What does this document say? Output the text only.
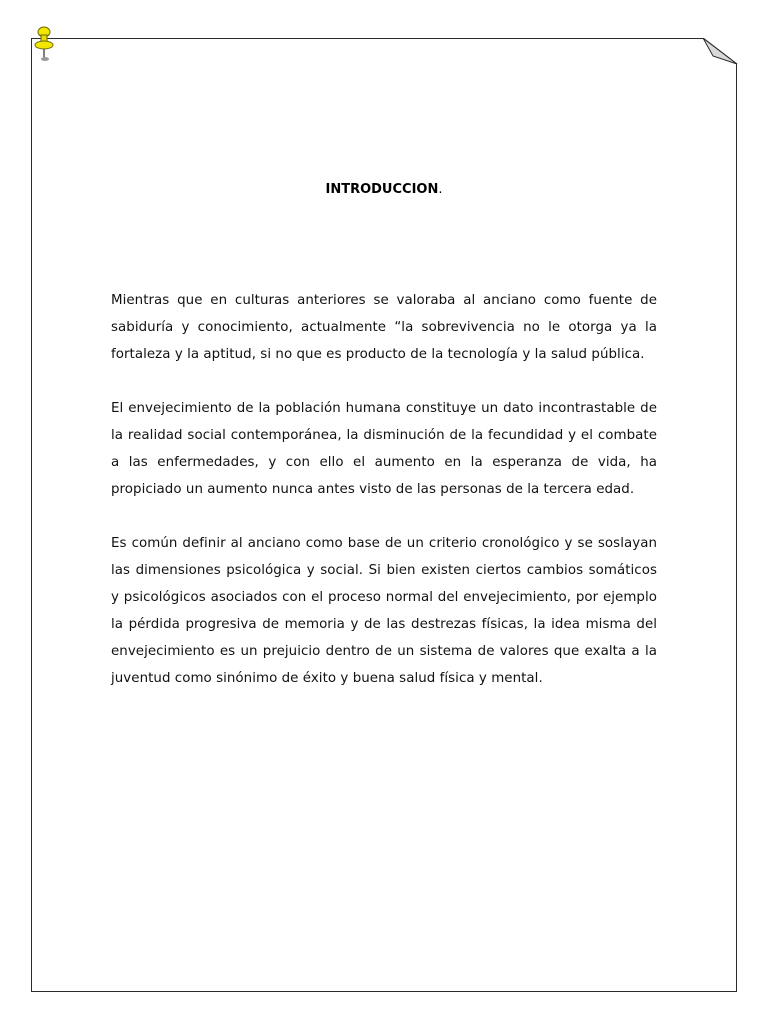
INTRODUCCION.

Mientras que en culturas anteriores se valoraba al anciano como fuente de sabiduría y conocimiento, actualmente “la sobrevivencia no le otorga ya la fortaleza y la aptitud, si no que es producto de la tecnología y la salud pública.

El envejecimiento de la población humana constituye un dato incontrastable de la realidad social contemporánea, la disminución de la fecundidad y el combate a las enfermedades, y con ello el aumento en la esperanza de vida, ha propiciado un aumento nunca antes visto de las personas de la tercera edad.

Es común definir al anciano como base de un criterio cronológico y se soslayan las dimensiones psicológica y social. Si bien existen ciertos cambios somáticos y psicológicos asociados con el proceso normal del envejecimiento, por ejemplo la pérdida progresiva de memoria y de las destrezas físicas, la idea misma del envejecimiento es un prejuicio dentro de un sistema de valores que exalta a la juventud como sinónimo de éxito y buena salud física y mental.
